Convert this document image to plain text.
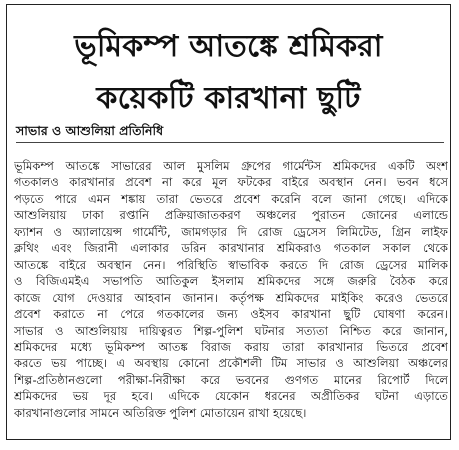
ভূমিকম্প আতঙ্কে শ্রমিকরা
কয়েকটি কারখানা ছুটি
সাভার ও আশুলিয়া প্রতিনিধি
ভূমিকম্প আতঙ্কে সাভারের আল মুসলিম গ্রুপের গার্মেন্টস শ্রমিকদের একটি অংশ
গতকালও কারখানার প্রবেশ না করে মূল ফটকের বাইরে অবস্থান নেন। ভবন ধসে
পড়তে পারে এমন শঙ্কায় তারা ভেতরে প্রবেশ করেনি বলে জানা গেছে। এদিকে
আশুলিয়ায় ঢাকা রপ্তানি প্রক্রিয়াজাতকরণ অঞ্চলের পুরাতন জোনের এলান্ডে
ফ্যাশন ও অ্যালায়েন্স গার্মেন্টি, জামগড়ার দি রোজ ড্রেসেস লিমিটেড, গ্রিন লাইফ
ক্লথিং এবং জিরানী এলাকার ডরিন কারখানার শ্রমিকরাও গতকাল সকাল থেকে
আতঙ্কে বাইরে অবস্থান নেন। পরিস্থিতি স্বাভাবিক করতে দি রোজ ড্রেসের মালিক
ও বিজিএমইএ সভাপতি আতিকুল ইসলাম শ্রমিকদের সঙ্গে জরুরি বৈঠক করে
কাজে যোগ দেওয়ার আহবান জানান। কর্তৃপক্ষ শ্রমিকদের মাইকিং করেও ভেতরে
প্রবেশ করাতে না পেরে গতকালের জন্য ওইসব কারখানা ছুটি ঘোষণা করেন।
সাভার ও আশুলিয়ায় দায়িত্বরত শিল্প-পুলিশ ঘটনার সত্যতা নিশ্চিত করে জানান,
শ্রমিকদের মধ্যে ভূমিকম্প আতঙ্ক বিরাজ করায় তারা কারখানার ভিতরে প্রবেশ
করতে ভয় পাচ্ছে। এ অবস্থায় কোনো প্রকৌশলী টিম সাভার ও আশুলিয়া অঞ্চলের
শিল্প-প্রতিষ্ঠানগুলো পরীক্ষা-নিরীক্ষা করে ভবনের গুণগত মানের রিপোর্ট দিলে
শ্রমিকদের ভয় দূর হবে। এদিকে যেকোন ধরনের অপ্রীতিকর ঘটনা এড়াতে
কারখানাগুলোর সামনে অতিরিক্ত পুলিশ মোতায়েন রাখা হয়েছে।
